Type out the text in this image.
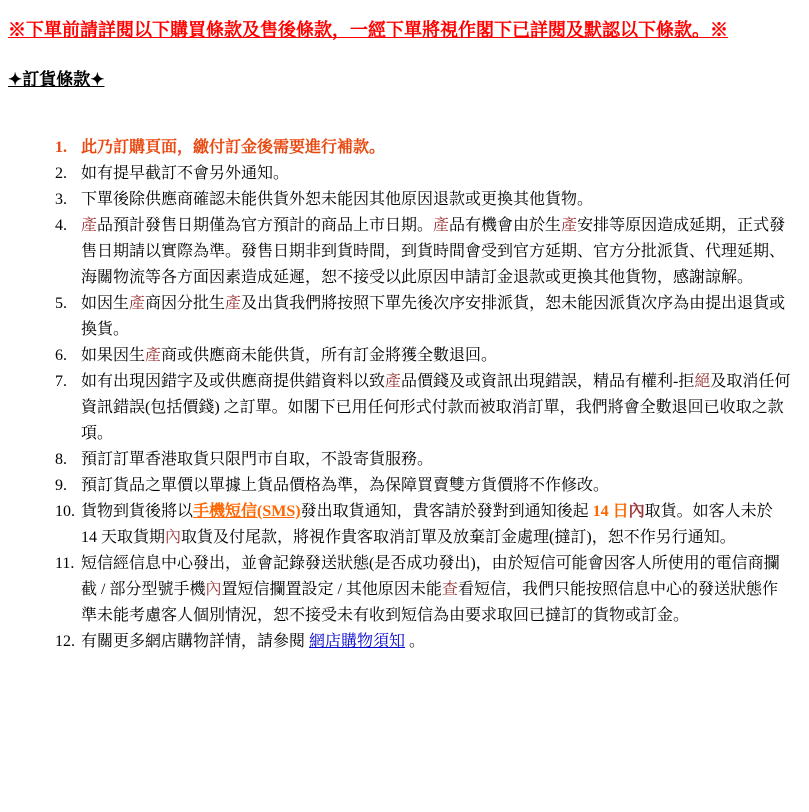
※下單前請詳閱以下購買條款及售後條款，一經下單將視作閣下已詳閱及默認以下條款。※
✦訂貨條款✦
1. 此乃訂購頁面，繳付訂金後需要進行補款。
2. 如有提早截訂不會另外通知。
3. 下單後除供應商確認未能供貨外恕未能因其他原因退款或更換其他貨物。
4. 產品預計發售日期僅為官方預計的商品上市日期。產品有機會由於生產安排等原因造成延期，正式發售日期請以實際為準。發售日期非到貨時間，到貨時間會受到官方延期、官方分批派貨、代理延期、海關物流等各方面因素造成延遲，恕不接受以此原因申請訂金退款或更換其他貨物，感謝諒解。
5. 如因生產商因分批生產及出貨我們將按照下單先後次序安排派貨，恕未能因派貨次序為由提出退貨或換貨。
6. 如果因生產商或供應商未能供貨，所有訂金將獲全數退回。
7. 如有出現因錯字及或供應商提供錯資料以致產品價錢及或資訊出現錯誤，精品有權利-拒絕及取消任何資訊錯誤(包括價錢) 之訂單。如閣下已用任何形式付款而被取消訂單，我們將會全數退回已收取之款項。
8. 預訂訂單香港取貨只限門市自取，不設寄貨服務。
9. 預訂貨品之單價以單據上貨品價格為準，為保障買賣雙方貨價將不作修改。
10. 貨物到貨後將以手機短信(SMS)發出取貨通知，貴客請於發對到通知後起 14 日內取貨。如客人未於 14 天取貨期內取貨及付尾款，將視作貴客取消訂單及放棄訂金處理(撻訂)，恕不作另行通知。
11. 短信經信息中心發出，並會記錄發送狀態(是否成功發出)，由於短信可能會因客人所使用的電信商攔截 / 部分型號手機內置短信攔置設定 / 其他原因未能查看短信，我們只能按照信息中心的發送狀態作準未能考慮客人個別情況，恕不接受未有收到短信為由要求取回已撻訂的貨物或訂金。
12. 有關更多網店購物詳情，請參閱 網店購物須知 。
